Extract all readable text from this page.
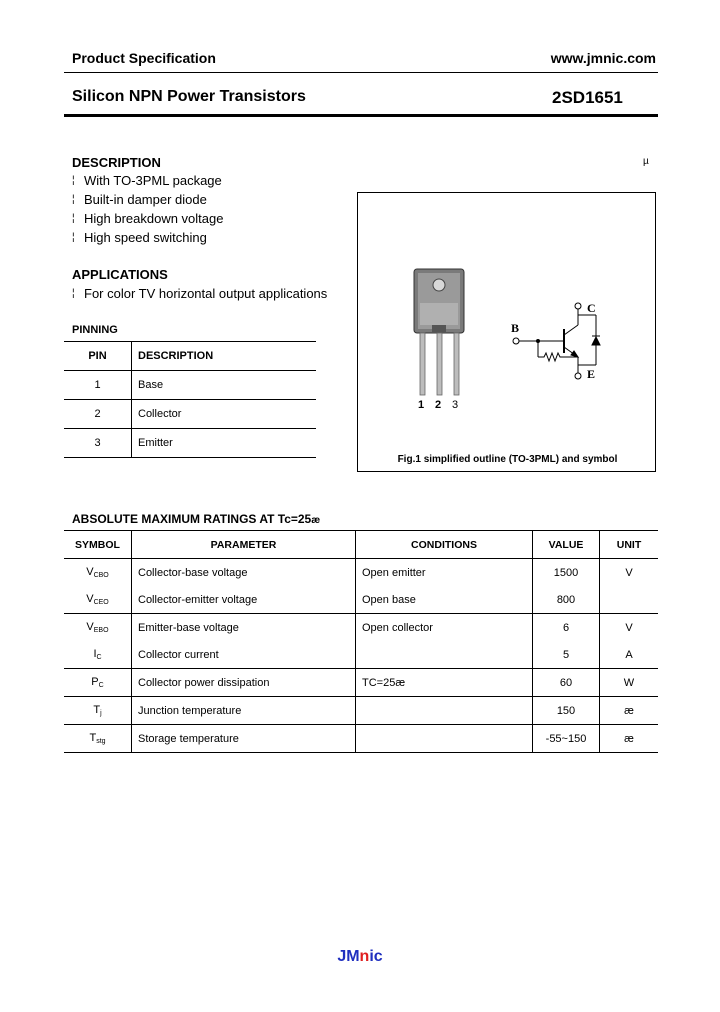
Product Specification	www.jmnic.com
Silicon NPN Power Transistors	2SD1651
µ
DESCRIPTION
¦ With TO-3PML package
¦ Built-in damper diode
¦ High breakdown voltage
¦ High speed switching
APPLICATIONS
¦ For color TV horizontal output applications
PINNING
PIN	DESCRIPTION
1	Base
2	Collector
3	Emitter
1 2 3
C
B
E
Fig.1 simplified outline (TO-3PML) and symbol
ABSOLUTE MAXIMUM RATINGS AT Tc=25æ
SYMBOL	PARAMETER	CONDITIONS	VALUE	UNIT
$V_{CBO}$	Collector-base voltage	Open emitter	1500	V
$V_{CEO}$	Collector-emitter voltage	Open base	800	
$V_{EBO}$	Emitter-base voltage	Open collector	6	V
$I_C$	Collector current		5	A
$P_C$	Collector power dissipation	TC=25æ	60	W
$T_j$	Junction temperature		150	æ
$T_{stg}$	Storage temperature		-55~150	æ
JMnic
